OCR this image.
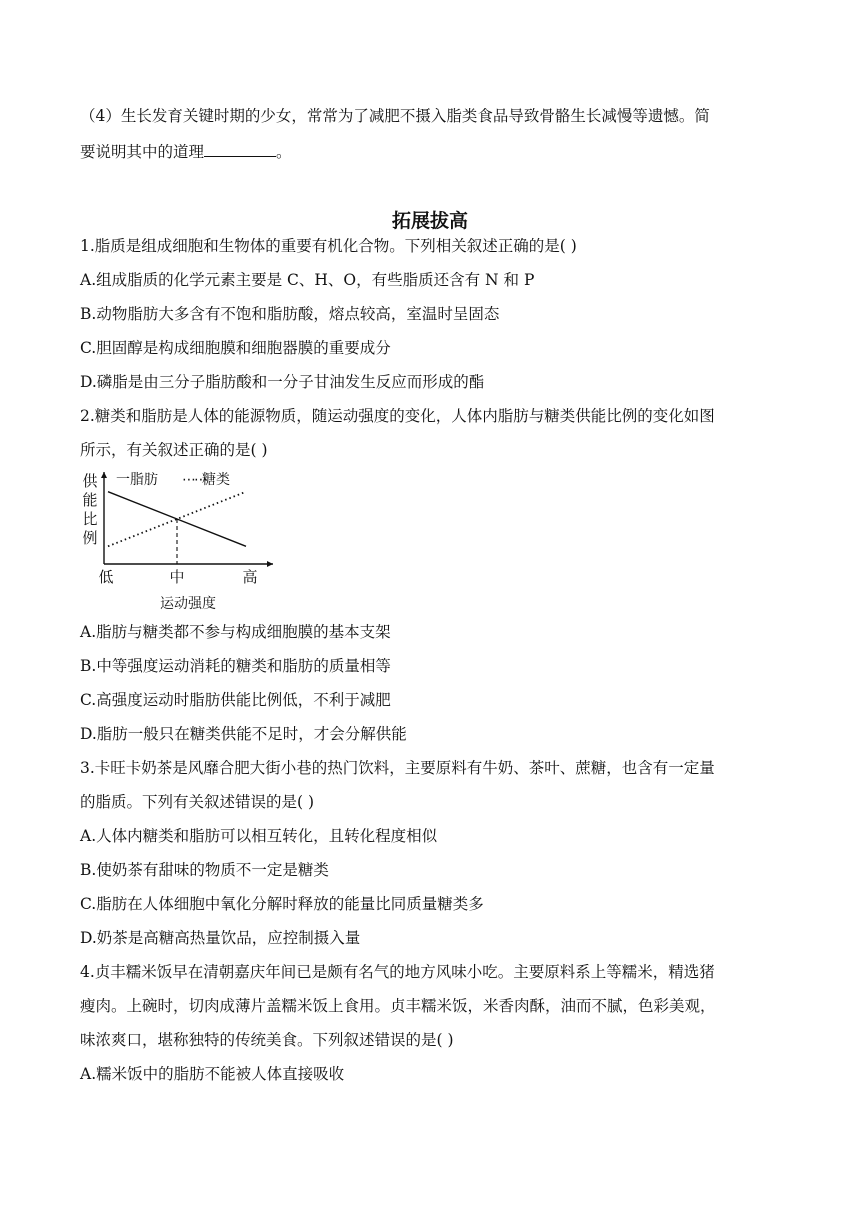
（4）生长发育关键时期的少女，常常为了减肥不摄入脂类食品导致骨骼生长减慢等遗憾。简
要说明其中的道理	。
拓展拔高
1.脂质是组成细胞和生物体的重要有机化合物。下列相关叙述正确的是( )
A.组成脂质的化学元素主要是 C、H、O，有些脂质还含有 N 和 P
B.动物脂肪大多含有不饱和脂肪酸，熔点较高，室温时呈固态
C.胆固醇是构成细胞膜和细胞器膜的重要成分
D.磷脂是由三分子脂肪酸和一分子甘油发生反应而形成的酯
2.糖类和脂肪是人体的能源物质，随运动强度的变化，人体内脂肪与糖类供能比例的变化如图
所示，有关叙述正确的是( )
低	中	高
运动强度
供
能
比
例
一脂肪 ⋯⋯
糖类
A.脂肪与糖类都不参与构成细胞膜的基本支架
B.中等强度运动消耗的糖类和脂肪的质量相等
C.高强度运动时脂肪供能比例低，不利于减肥
D.脂肪一般只在糖类供能不足时，才会分解供能
3.卡旺卡奶茶是风靡合肥大街小巷的热门饮料，主要原料有牛奶、茶叶、蔗糖，也含有一定量
的脂质。下列有关叙述错误的是( )
A.人体内糖类和脂肪可以相互转化，且转化程度相似
B.使奶茶有甜味的物质不一定是糖类
C.脂肪在人体细胞中氧化分解时释放的能量比同质量糖类多
D.奶茶是高糖高热量饮品，应控制摄入量
4.贞丰糯米饭早在清朝嘉庆年间已是颇有名气的地方风味小吃。主要原料系上等糯米，精选猪
瘦肉。上碗时，切肉成薄片盖糯米饭上食用。贞丰糯米饭，米香肉酥，油而不腻，色彩美观，
味浓爽口，堪称独特的传统美食。下列叙述错误的是( )
A.糯米饭中的脂肪不能被人体直接吸收
